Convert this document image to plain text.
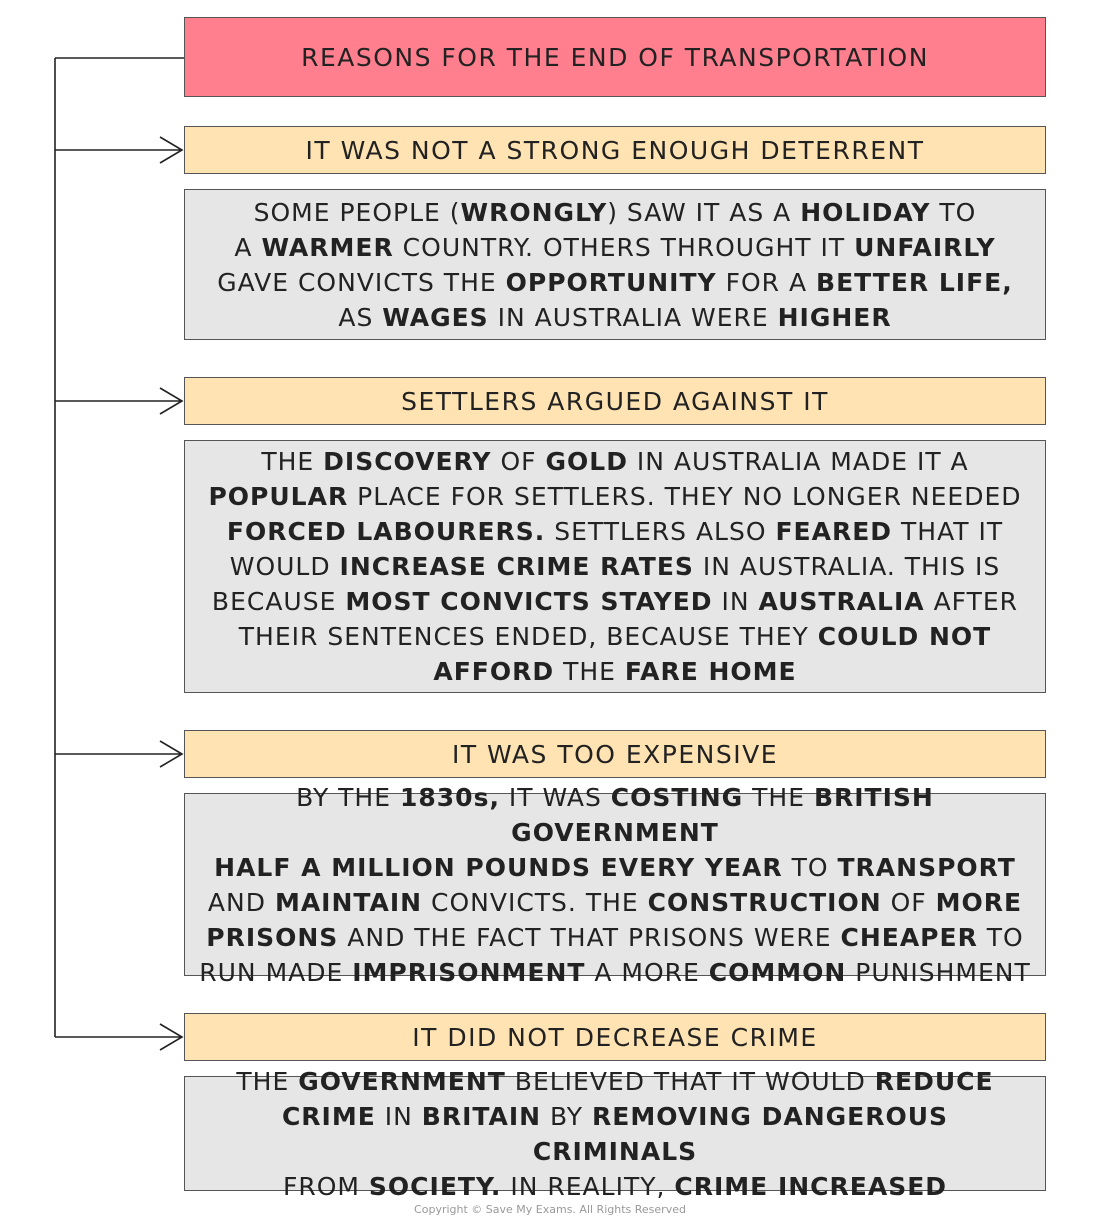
REASONS FOR THE END OF TRANSPORTATION
IT WAS NOT A STRONG ENOUGH DETERRENT

SOME PEOPLE (WRONGLY) SAW IT AS A HOLIDAY TO

A WARMER COUNTRY. OTHERS THROUGHT IT UNFAIRLY

GAVE CONVICTS THE OPPORTUNITY FOR A BETTER LIFE,

AS WAGES IN AUSTRALIA WERE HIGHER

SETTLERS ARGUED AGAINST IT

THE DISCOVERY OF GOLD IN AUSTRALIA MADE IT A

POPULAR PLACE FOR SETTLERS. THEY NO LONGER NEEDED

FORCED LABOURERS. SETTLERS ALSO FEARED THAT IT

WOULD INCREASE CRIME RATES IN AUSTRALIA. THIS IS

BECAUSE MOST CONVICTS STAYED IN AUSTRALIA AFTER

THEIR SENTENCES ENDED, BECAUSE THEY COULD NOT

AFFORD THE FARE HOME

IT WAS TOO EXPENSIVE

BY THE 1830s, IT WAS COSTING THE BRITISH GOVERNMENT

HALF A MILLION POUNDS EVERY YEAR TO TRANSPORT

AND MAINTAIN CONVICTS. THE CONSTRUCTION OF MORE

PRISONS AND THE FACT THAT PRISONS WERE CHEAPER TO

RUN MADE IMPRISONMENT A MORE COMMON PUNISHMENT

IT DID NOT DECREASE CRIME

THE GOVERNMENT BELIEVED THAT IT WOULD REDUCE

CRIME IN BRITAIN BY REMOVING DANGEROUS CRIMINALS

FROM SOCIETY. IN REALITY, CRIME INCREASED

Copyright © Save My Exams. All Rights Reserved
